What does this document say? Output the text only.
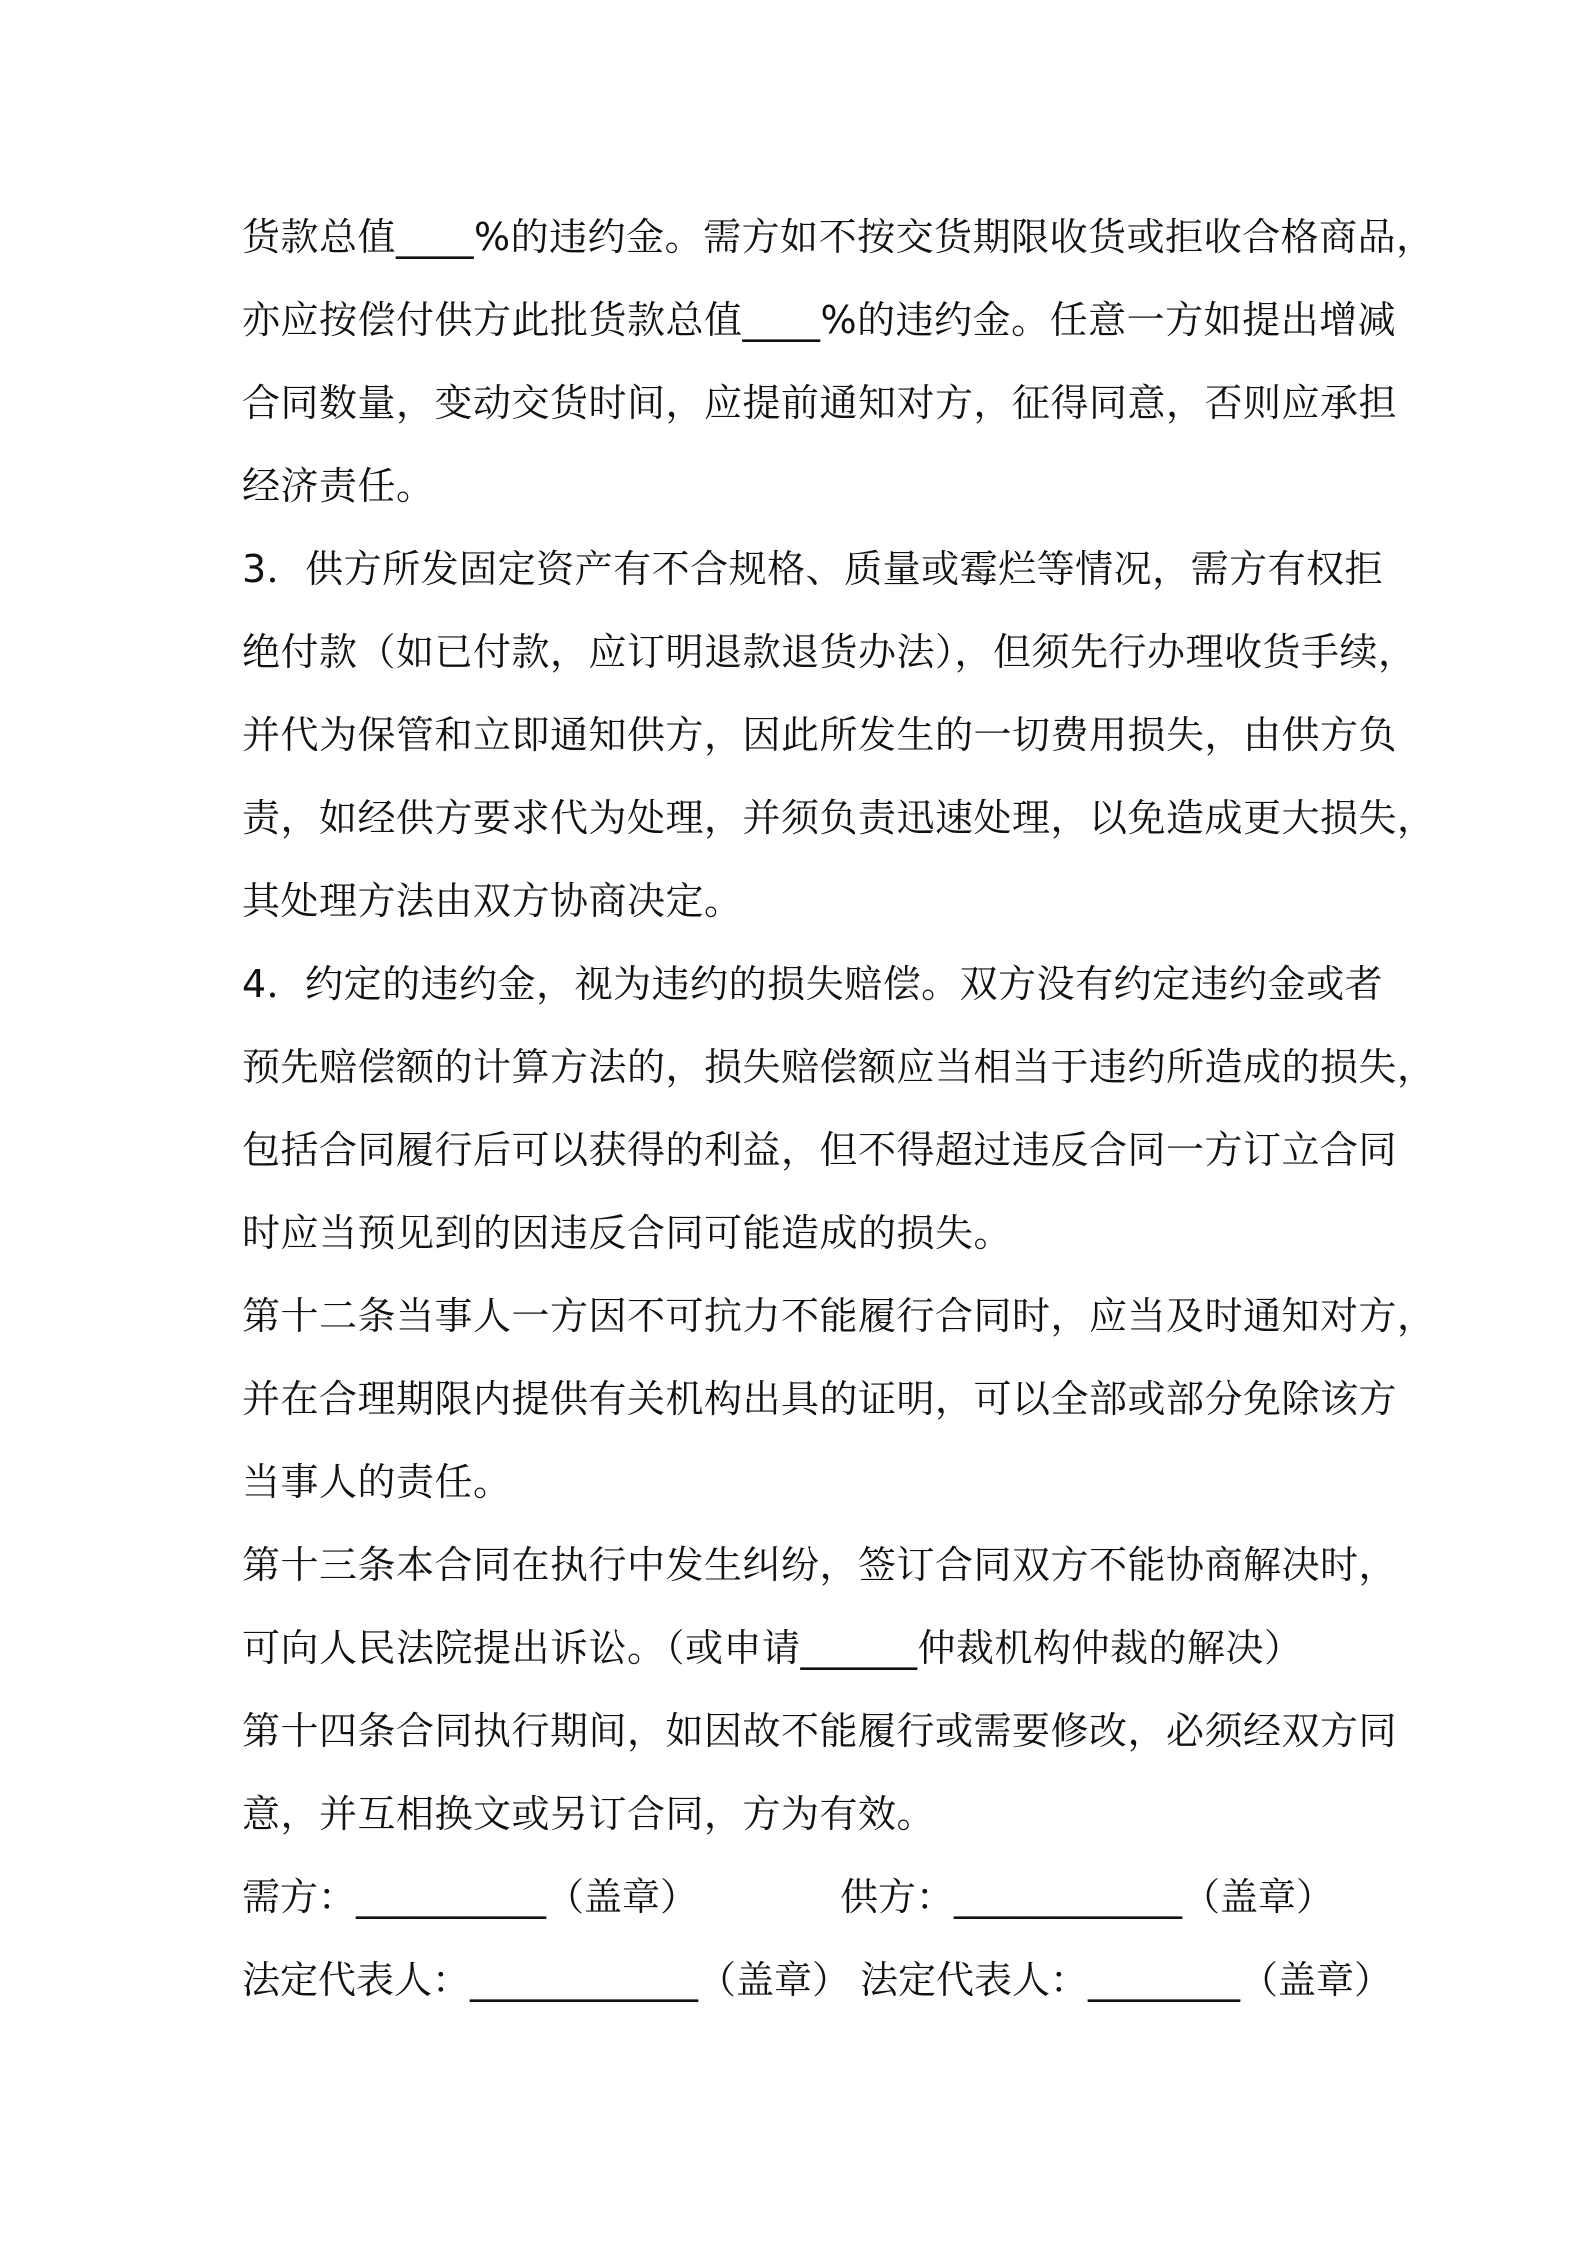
货款总值____%的违约金。需方如不按交货期限收货或拒收合格商品，

亦应按偿付供方此批货款总值____%的违约金。任意一方如提出增减

合同数量，变动交货时间，应提前通知对方，征得同意，否则应承担

经济责任。

3．供方所发固定资产有不合规格、质量或霉烂等情况，需方有权拒

绝付款（如已付款，应订明退款退货办法），但须先行办理收货手续，

并代为保管和立即通知供方，因此所发生的一切费用损失，由供方负

责，如经供方要求代为处理，并须负责迅速处理，以免造成更大损失，

其处理方法由双方协商决定。

4．约定的违约金，视为违约的损失赔偿。双方没有约定违约金或者

预先赔偿额的计算方法的，损失赔偿额应当相当于违约所造成的损失，

包括合同履行后可以获得的利益，但不得超过违反合同一方订立合同

时应当预见到的因违反合同可能造成的损失。

第十二条当事人一方因不可抗力不能履行合同时，应当及时通知对方，

并在合理期限内提供有关机构出具的证明，可以全部或部分免除该方

当事人的责任。

第十三条本合同在执行中发生纠纷，签订合同双方不能协商解决时，

可向人民法院提出诉讼。（或申请______仲裁机构仲裁的解决）

第十四条合同执行期间，如因故不能履行或需要修改，必须经双方同

意，并互相换文或另订合同，方为有效。

需方：__________（盖章）	供方：____________（盖章）
法定代表人：____________（盖章） 法定代表人：________（盖章）
